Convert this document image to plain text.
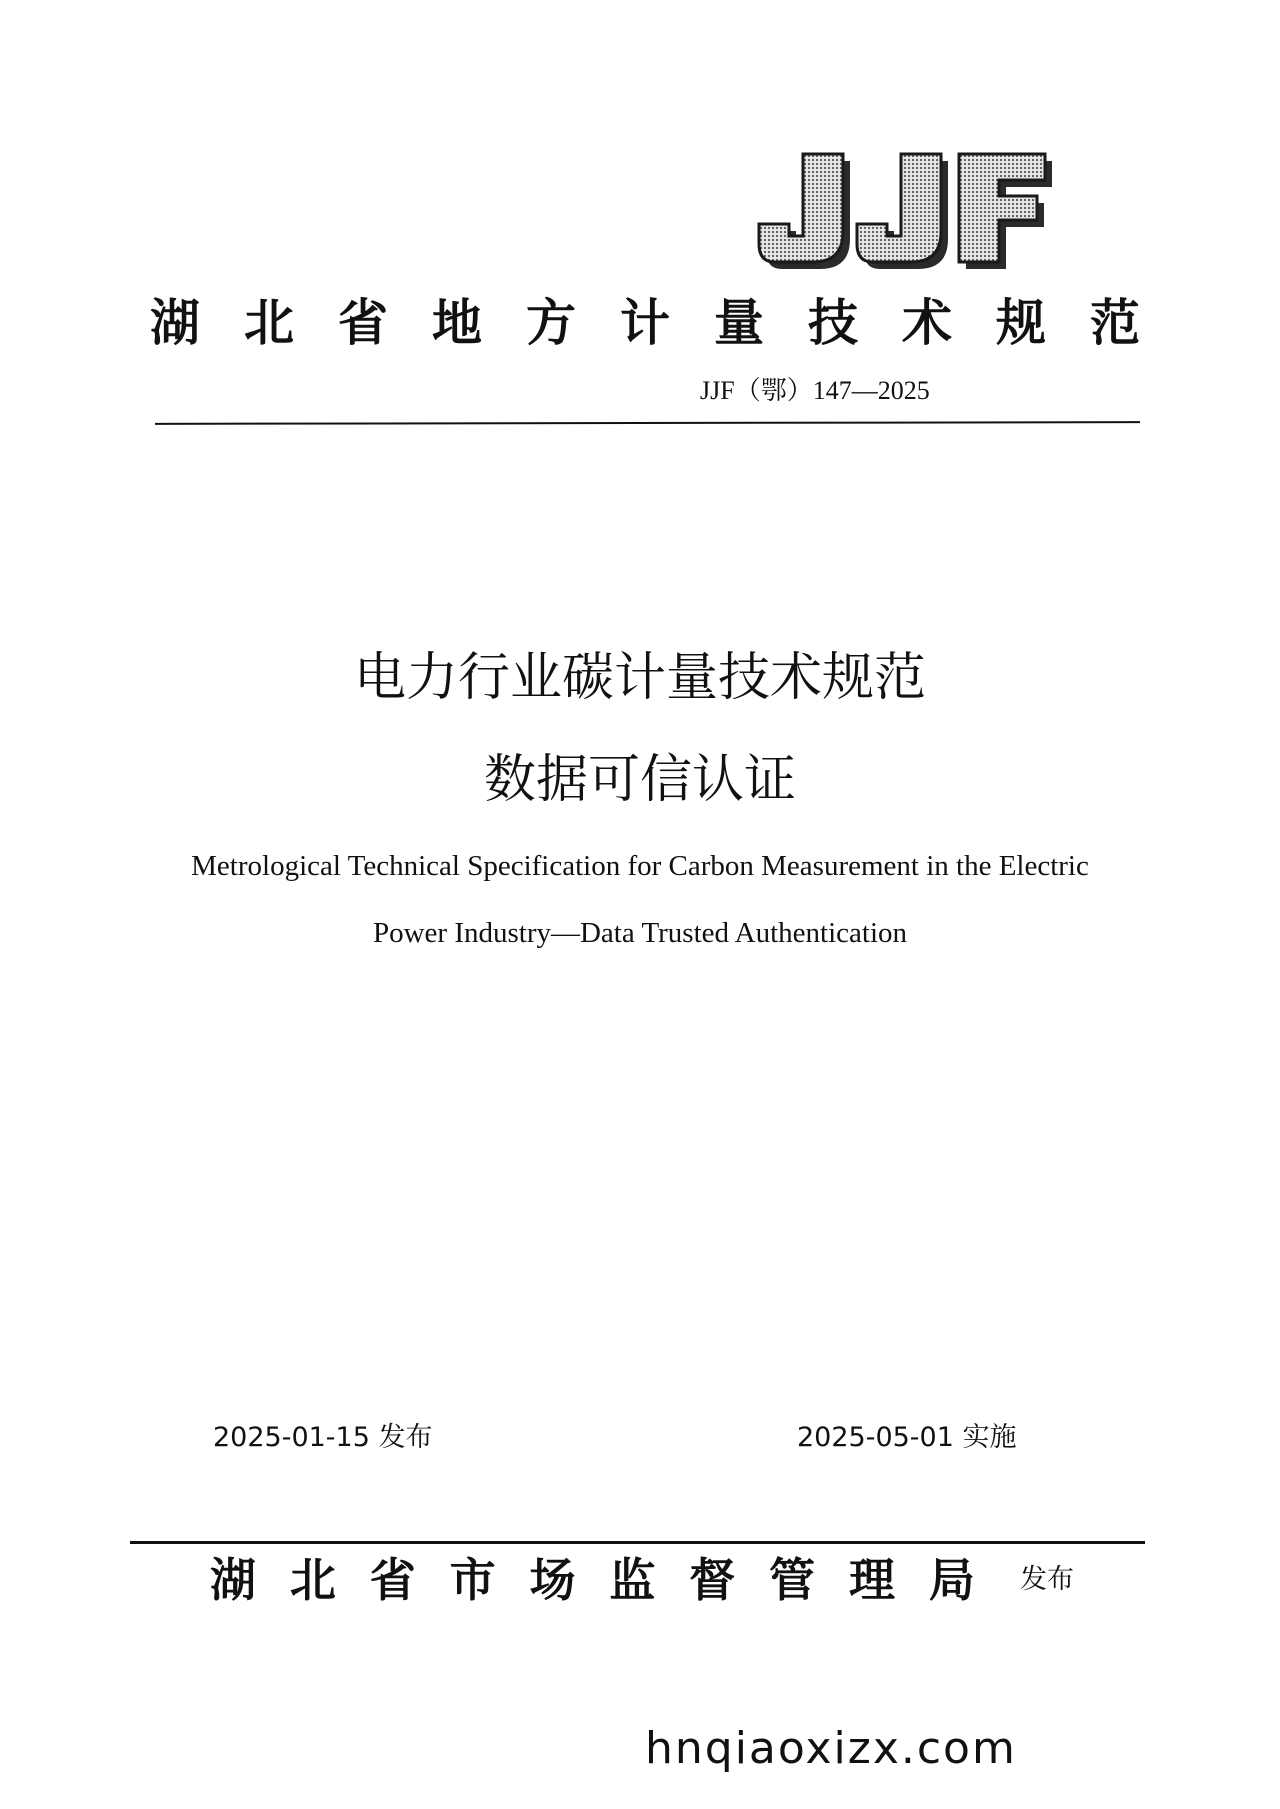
湖 北 省 地 方 计 量 技 术 规 范
JJF（鄂）147—2025
电力行业碳计量技术规范
数据可信认证
Metrological Technical Specification for Carbon Measurement in the Electric
Power Industry—Data Trusted Authentication
2025-01-15 发布	2025-05-01 实施
湖 北 省 市 场 监 督 管 理 局 发布
hnqiaoxizx.com
